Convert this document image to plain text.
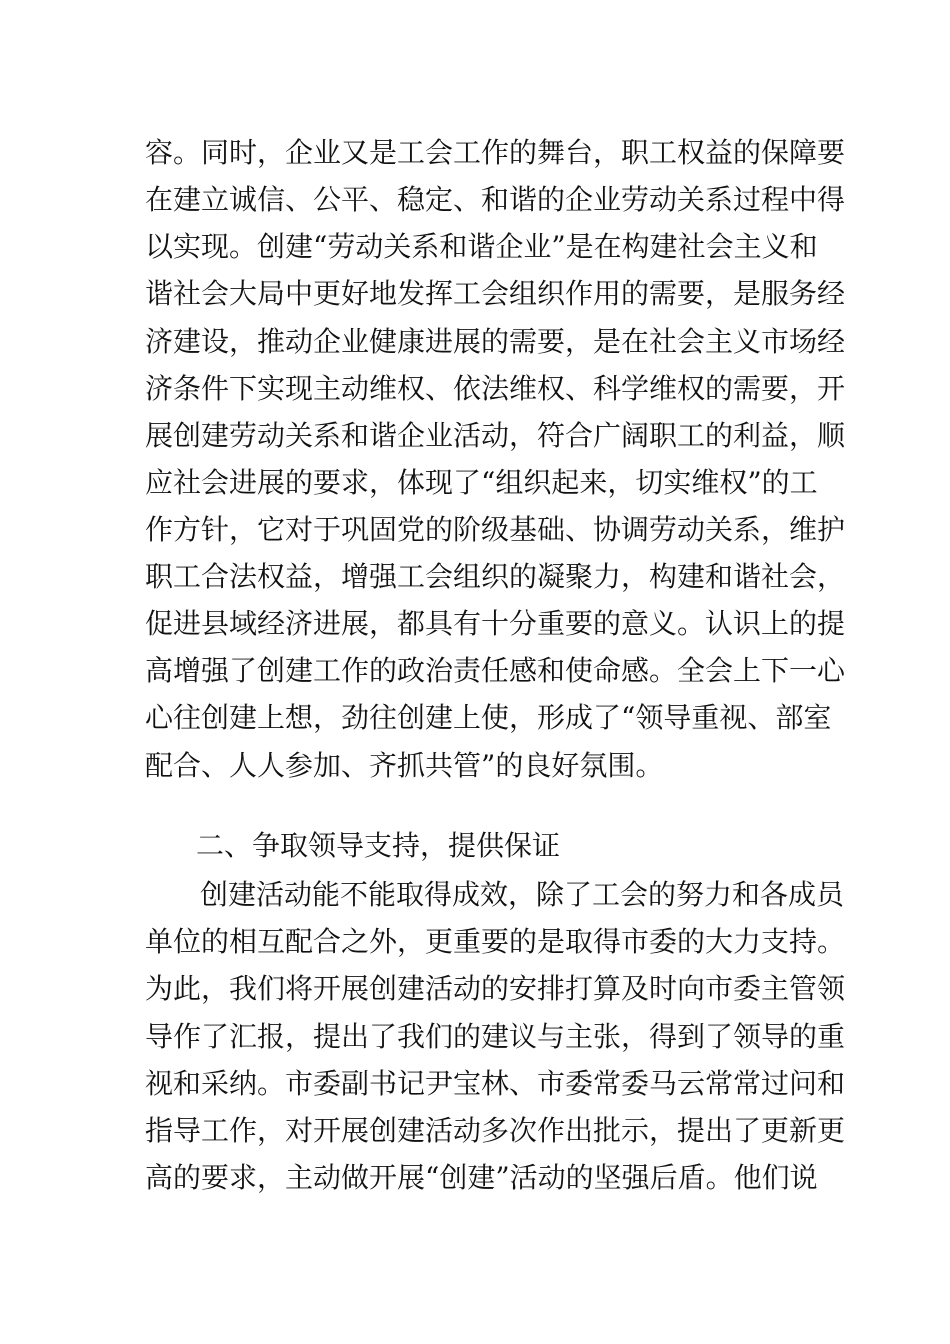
容。同时，企业又是工会工作的舞台，职工权益的保障要
在建立诚信、公平、稳定、和谐的企业劳动关系过程中得
以实现。创建“劳动关系和谐企业”是在构建社会主义和
谐社会大局中更好地发挥工会组织作用的需要，是服务经
济建设，推动企业健康进展的需要，是在社会主义市场经
济条件下实现主动维权、依法维权、科学维权的需要，开
展创建劳动关系和谐企业活动，符合广阔职工的利益，顺
应社会进展的要求，体现了“组织起来，切实维权”的工
作方针，它对于巩固党的阶级基础、协调劳动关系，维护
职工合法权益，增强工会组织的凝聚力，构建和谐社会，
促进县域经济进展，都具有十分重要的意义。认识上的提
高增强了创建工作的政治责任感和使命感。全会上下一心
心往创建上想，劲往创建上使，形成了“领导重视、部室
配合、人人参加、齐抓共管”的良好氛围。
二、争取领导支持，提供保证
创建活动能不能取得成效，除了工会的努力和各成员
单位的相互配合之外，更重要的是取得市委的大力支持。
为此，我们将开展创建活动的安排打算及时向市委主管领
导作了汇报，提出了我们的建议与主张，得到了领导的重
视和采纳。市委副书记尹宝林、市委常委马云常常过问和
指导工作，对开展创建活动多次作出批示，提出了更新更
高的要求，主动做开展“创建”活动的坚强后盾。他们说
